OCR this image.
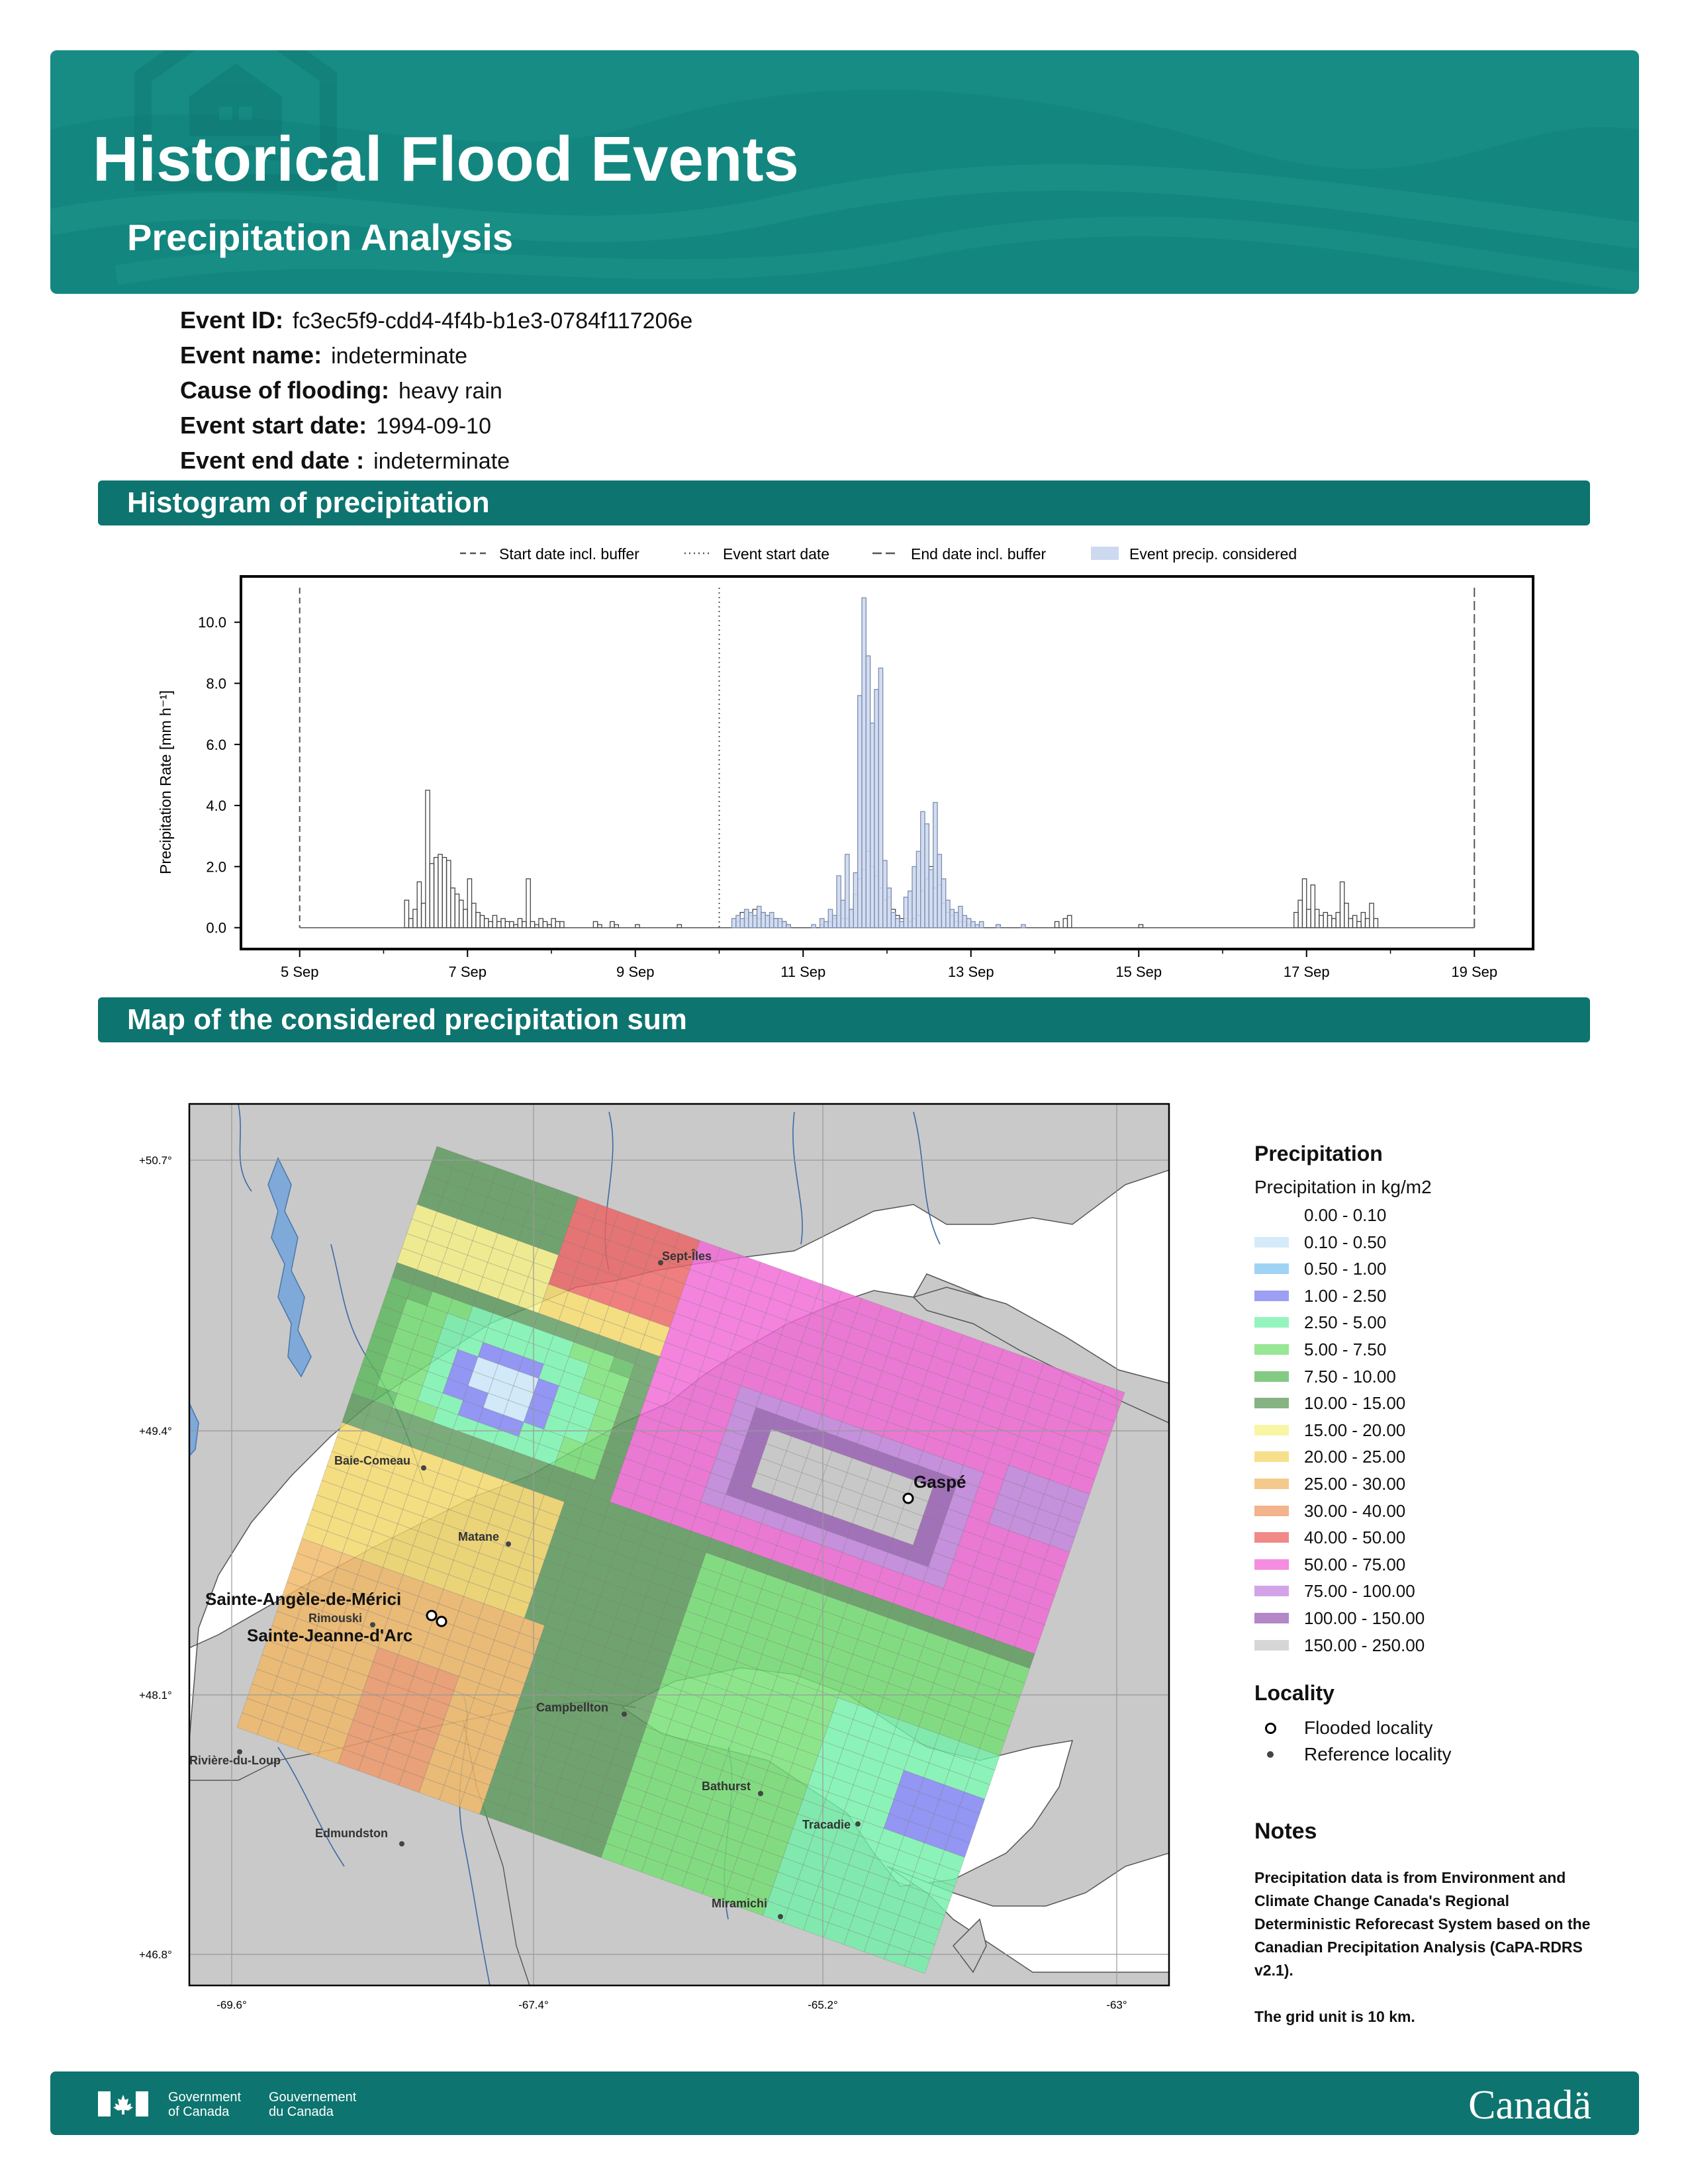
Historical Flood Events
Precipitation Analysis
Event ID: fc3ec5f9-cdd4-4f4b-b1e3-0784f117206e
Event name: indeterminate
Cause of flooding: heavy rain
Event start date: 1994-09-10
Event end date : indeterminate
Histogram of precipitation
Start date incl. buffer	Event start date	End date incl. buffer	Event precip. considered
Precipitation Rate [mm h⁻¹]
0.0
2.0
4.0
6.0
8.0
10.0
5 Sep	7 Sep	9 Sep	11 Sep	13 Sep	15 Sep	17 Sep	19 Sep
Map of the considered precipitation sum
+50.7°
+49.4°
+48.1°
+46.8°
-69.6°	-67.4°	-65.2°	-63°
Sept-Îles
Baie-Comeau
Matane
Rimouski
Campbellton
Rivière-du-Loup
Edmundston
Bathurst
Tracadie
Miramichi
Gaspé
Sainte-Angèle-de-Mérici
Sainte-Jeanne-d'Arc
Precipitation
Precipitation in kg/m2
0.00 - 0.10
0.10 - 0.50
0.50 - 1.00
1.00 - 2.50
2.50 - 5.00
5.00 - 7.50
7.50 - 10.00
10.00 - 15.00
15.00 - 20.00
20.00 - 25.00
25.00 - 30.00
30.00 - 40.00
40.00 - 50.00
50.00 - 75.00
75.00 - 100.00
100.00 - 150.00
150.00 - 250.00
Locality
Flooded locality
Reference locality
Notes
Precipitation data is from Environment and Climate Change Canada's Regional Deterministic Reforecast System based on the Canadian Precipitation Analysis (CaPA-RDRS v2.1).
The grid unit is 10 km.
Government
of Canada
Gouvernement
du Canada	Canadä
